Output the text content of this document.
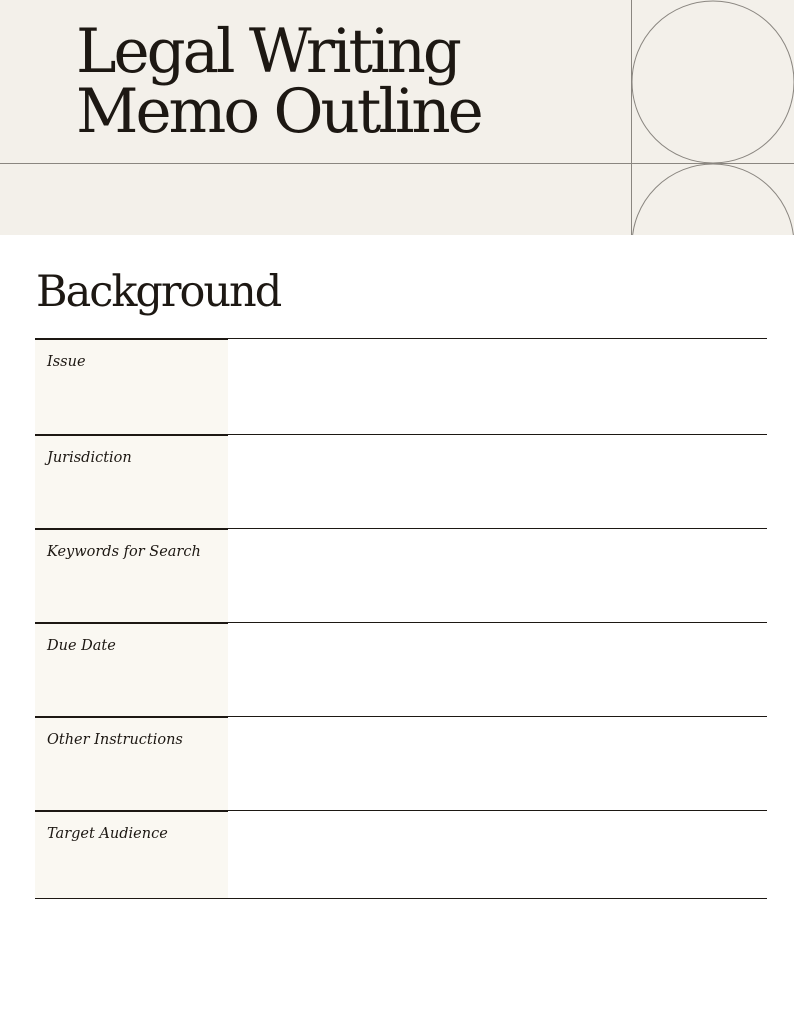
Legal Writing
Memo Outline
Background
Issue
Jurisdiction
Keywords for Search
Due Date
Other Instructions
Target Audience
